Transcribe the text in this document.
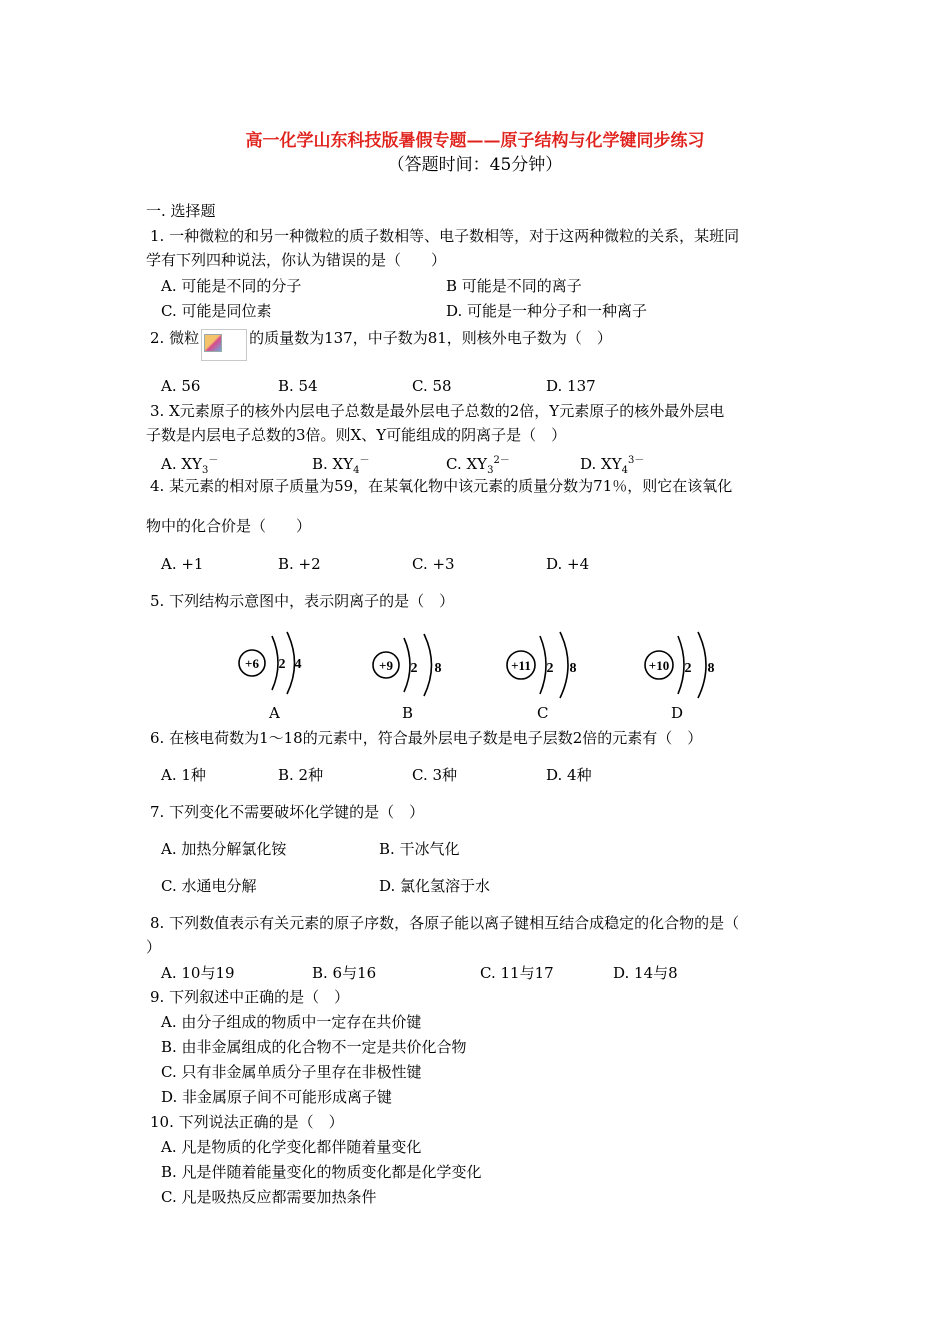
高一化学山东科技版暑假专题——原子结构与化学键同步练习
（答题时间：45分钟）
一. 选择题
1. 一种微粒的和另一种微粒的质子数相等、电子数相等，对于这两种微粒的关系，某班同
学有下列四种说法，你认为错误的是（　　）
A. 可能是不同的分子	B 可能是不同的离子
C. 可能是同位素	D. 可能是一种分子和一种离子
2. 微粒	的质量数为137，中子数为81，则核外电子数为（　）
A. 56	B. 54	C. 58	D. 137
3. X元素原子的核外内层电子总数是最外层电子总数的2倍，Y元素原子的核外最外层电
子数是内层电子总数的3倍。则X、Y可能组成的阴离子是（　）
A. $XY_3^-$	B. $XY_4^-$	C. $XY_3^{2-}$	D. $XY_4^{3-}$
4. 某元素的相对原子质量为59，在某氧化物中该元素的质量分数为71％，则它在该氧化
物中的化合价是（　　）
A. +1	B. +2	C. +3	D. +4
5. 下列结构示意图中，表示阴离子的是（　）
+6 2 4	+9 2 8	+11 2 8	+10 2 8
A	B	C	D
6. 在核电荷数为1～18的元素中，符合最外层电子数是电子层数2倍的元素有（　）
A. 1种	B. 2种	C. 3种	D. 4种
7. 下列变化不需要破坏化学键的是（　）
A. 加热分解氯化铵	B. 干冰气化
C. 水通电分解	D. 氯化氢溶于水
8. 下列数值表示有关元素的原子序数，各原子能以离子键相互结合成稳定的化合物的是（
）
A. 10与19	B. 6与16	C. 11与17	D. 14与8
9. 下列叙述中正确的是（　）
A. 由分子组成的物质中一定存在共价键
B. 由非金属组成的化合物不一定是共价化合物
C. 只有非金属单质分子里存在非极性键
D. 非金属原子间不可能形成离子键
10. 下列说法正确的是（　）
A. 凡是物质的化学变化都伴随着量变化
B. 凡是伴随着能量变化的物质变化都是化学变化
C. 凡是吸热反应都需要加热条件
